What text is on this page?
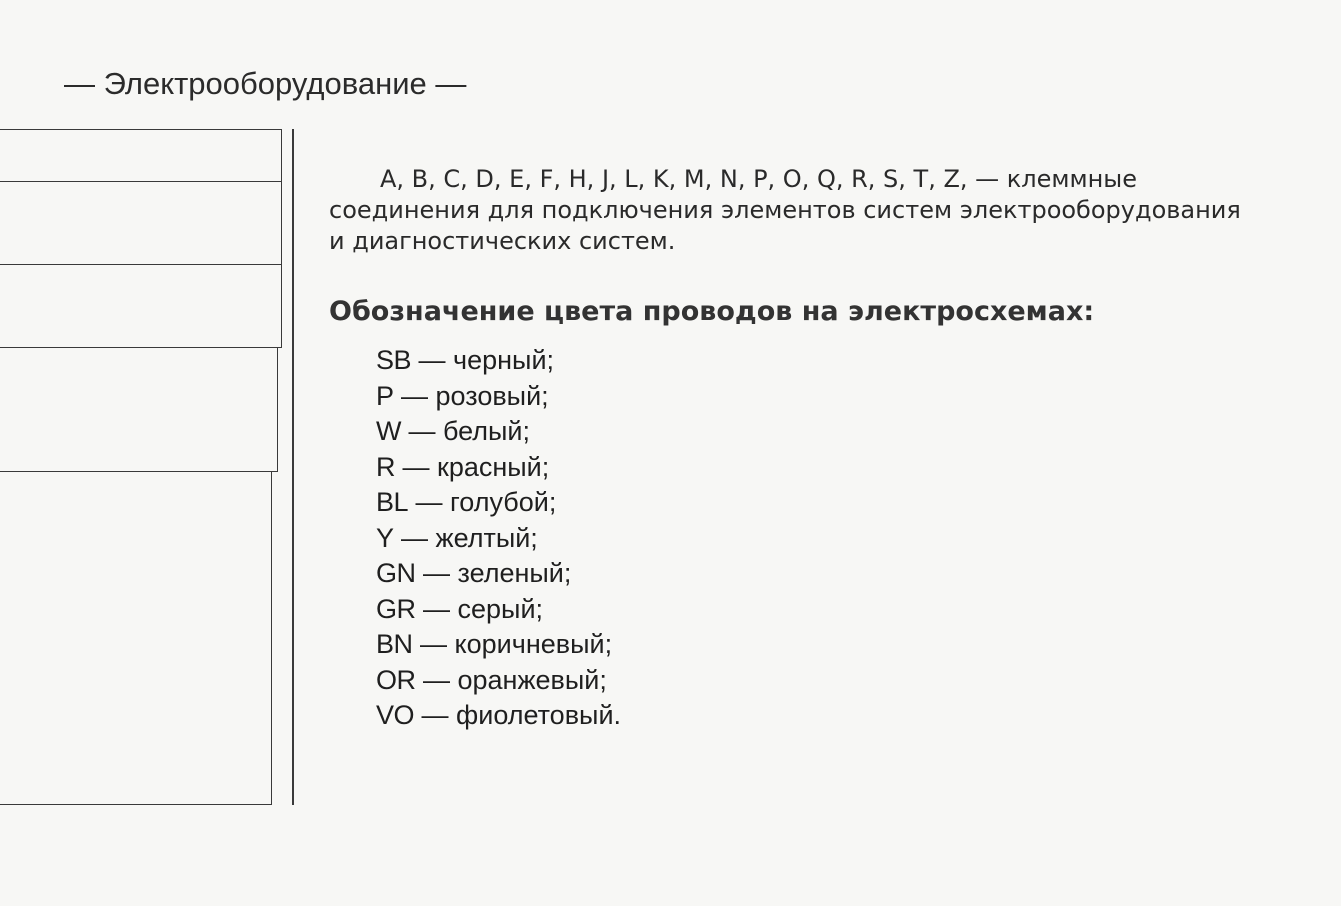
— Электрооборудование —
A, B, C, D, E, F, H, J, L, K, M, N, P, O, Q, R, S, T, Z, — клеммные
соединения для подключения элементов систем электрооборудования
и диагностических систем.
Обозначение цвета проводов на электросхемах:
SB — черный;
P — розовый;
W — белый;
R — красный;
BL — голубой;
Y — желтый;
GN — зеленый;
GR — серый;
BN — коричневый;
OR — оранжевый;
VO — фиолетовый.
